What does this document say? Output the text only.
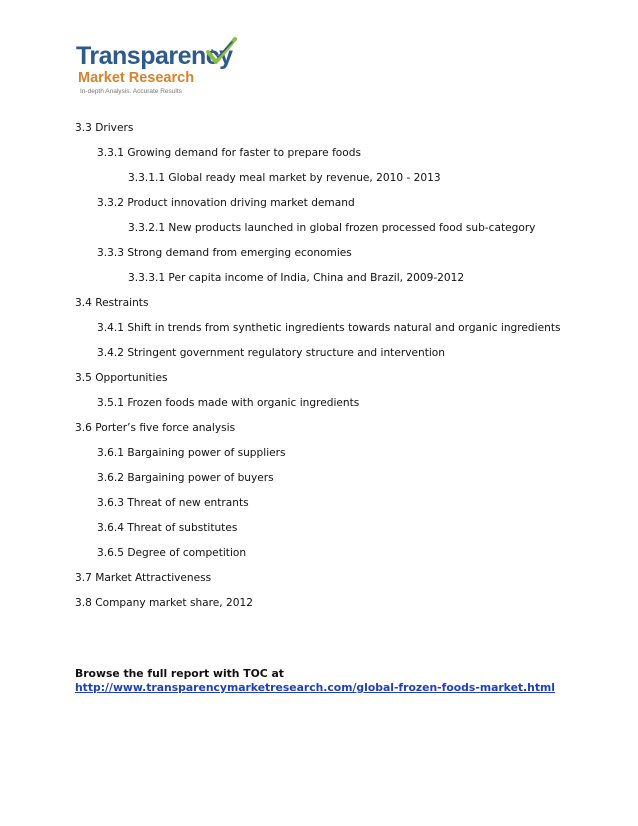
Transparency
Market Research
In-depth Analysis. Accurate Results
3.3 Drivers
3.3.1 Growing demand for faster to prepare foods
3.3.1.1 Global ready meal market by revenue, 2010 - 2013
3.3.2 Product innovation driving market demand
3.3.2.1 New products launched in global frozen processed food sub-category
3.3.3 Strong demand from emerging economies
3.3.3.1 Per capita income of India, China and Brazil, 2009-2012
3.4 Restraints
3.4.1 Shift in trends from synthetic ingredients towards natural and organic ingredients
3.4.2 Stringent government regulatory structure and intervention
3.5 Opportunities
3.5.1 Frozen foods made with organic ingredients
3.6 Porter’s five force analysis
3.6.1 Bargaining power of suppliers
3.6.2 Bargaining power of buyers
3.6.3 Threat of new entrants
3.6.4 Threat of substitutes
3.6.5 Degree of competition
3.7 Market Attractiveness
3.8 Company market share, 2012
Browse the full report with TOC at
http://www.transparencymarketresearch.com/global-frozen-foods-market.html
